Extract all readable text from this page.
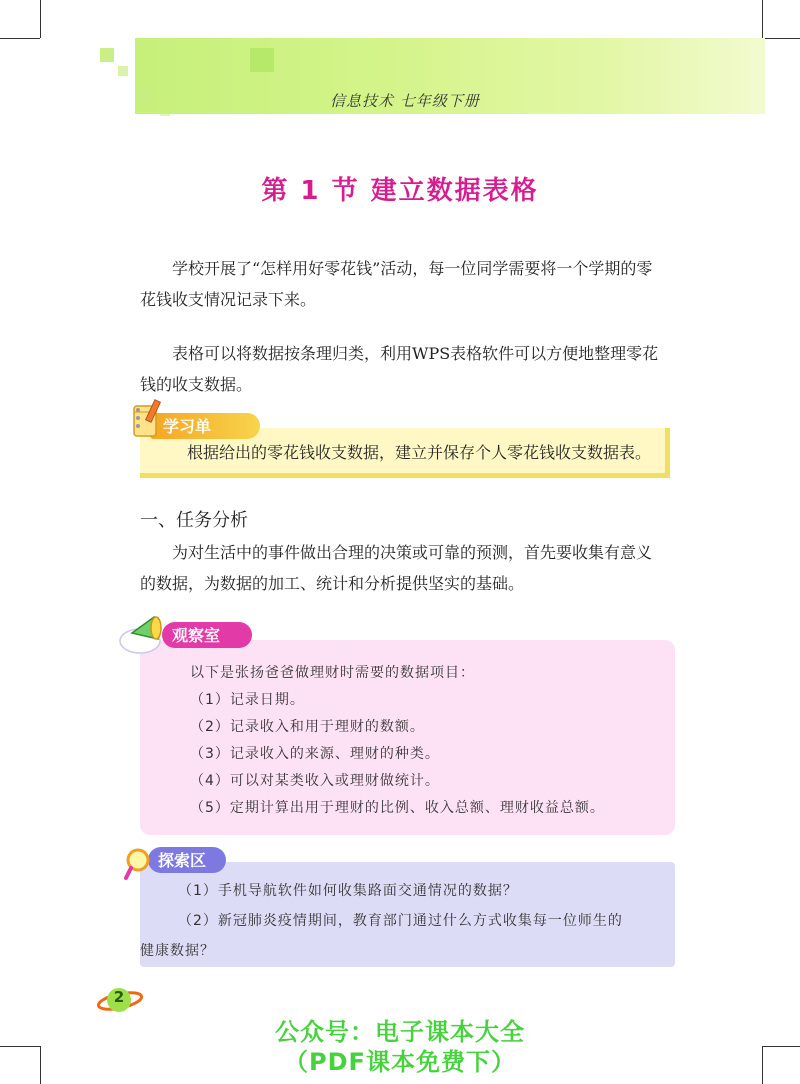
信息技术 七年级下册
第 1 节 建立数据表格
学校开展了“怎样用好零花钱”活动，每一位同学需要将一个学期的零花钱收支情况记录下来。
表格可以将数据按条理归类，利用WPS表格软件可以方便地整理零花钱的收支数据。
学习单
根据给出的零花钱收支数据，建立并保存个人零花钱收支数据表。
一、任务分析
为对生活中的事件做出合理的决策或可靠的预测，首先要收集有意义的数据，为数据的加工、统计和分析提供坚实的基础。
观察室
以下是张扬爸爸做理财时需要的数据项目：
（1）记录日期。
（2）记录收入和用于理财的数额。
（3）记录收入的来源、理财的种类。
（4）可以对某类收入或理财做统计。
（5）定期计算出用于理财的比例、收入总额、理财收益总额。
探索区
（1）手机导航软件如何收集路面交通情况的数据？
（2）新冠肺炎疫情期间，教育部门通过什么方式收集每一位师生的
健康数据？
2
公众号：电子课本大全
（PDF课本免费下）
